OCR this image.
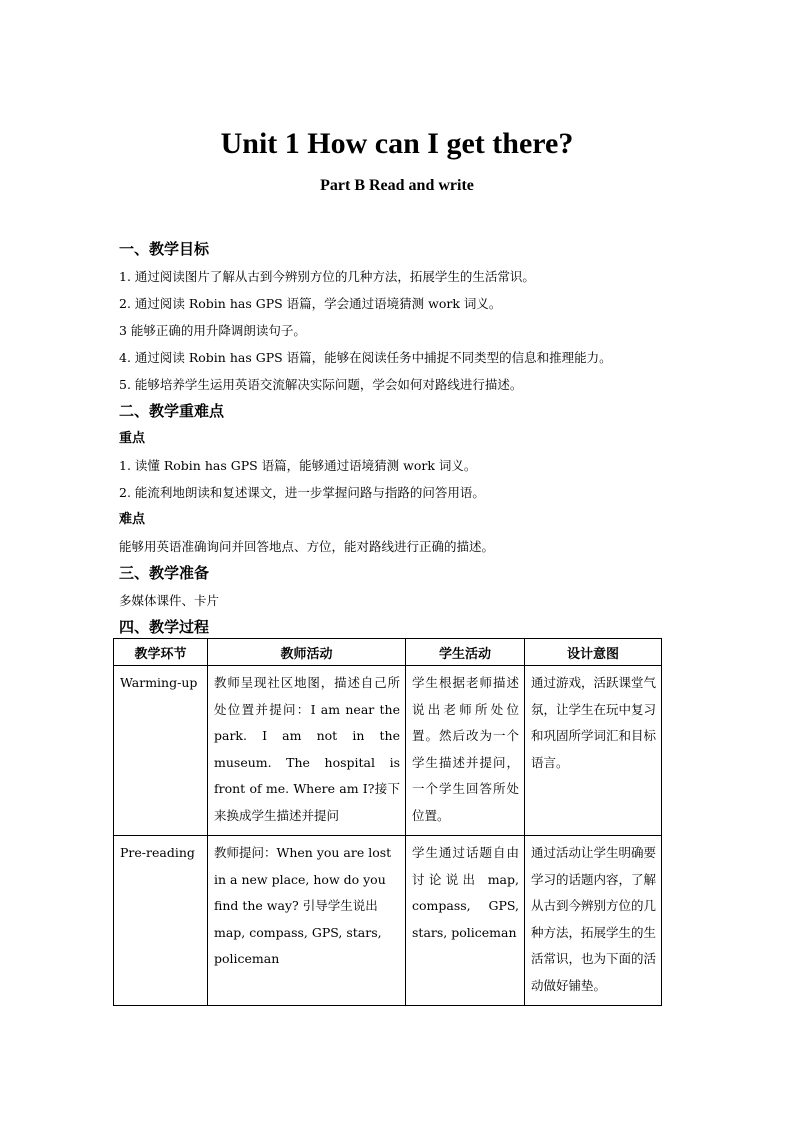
Unit 1 How can I get there?
Part B Read and write
一、教学目标
1. 通过阅读图片了解从古到今辨别方位的几种方法，拓展学生的生活常识。
2. 通过阅读 Robin has GPS 语篇，学会通过语境猜测 work 词义。
3 能够正确的用升降调朗读句子。
4. 通过阅读 Robin has GPS 语篇，能够在阅读任务中捕捉不同类型的信息和推理能力。
5. 能够培养学生运用英语交流解决实际问题，学会如何对路线进行描述。
二、教学重难点
重点
1. 读懂 Robin has GPS 语篇，能够通过语境猜测 work 词义。
2. 能流利地朗读和复述课文，进一步掌握问路与指路的问答用语。
难点
能够用英语准确询问并回答地点、方位，能对路线进行正确的描述。
三、教学准备
多媒体课件、卡片
四、教学过程
教学环节	教师活动	学生活动	设计意图
Warming-up	教师呈现社区地图，描述自己所处位置并提问：I am near the park. I am not in the museum. The hospital is front of me. Where am I?接下来换成学生描述并提问	学生根据老师描述说出老师所处位置。然后改为一个学生描述并提问，一个学生回答所处位置。	通过游戏，活跃课堂气氛，让学生在玩中复习和巩固所学词汇和目标语言。
Pre-reading	教师提问：When you are lost in a new place, how do you find the way? 引导学生说出 map, compass, GPS, stars, policeman	学生通过话题自由讨论说出 map, compass, GPS, stars, policeman	通过活动让学生明确要学习的话题内容，了解从古到今辨别方位的几种方法，拓展学生的生活常识，也为下面的活动做好铺垫。
